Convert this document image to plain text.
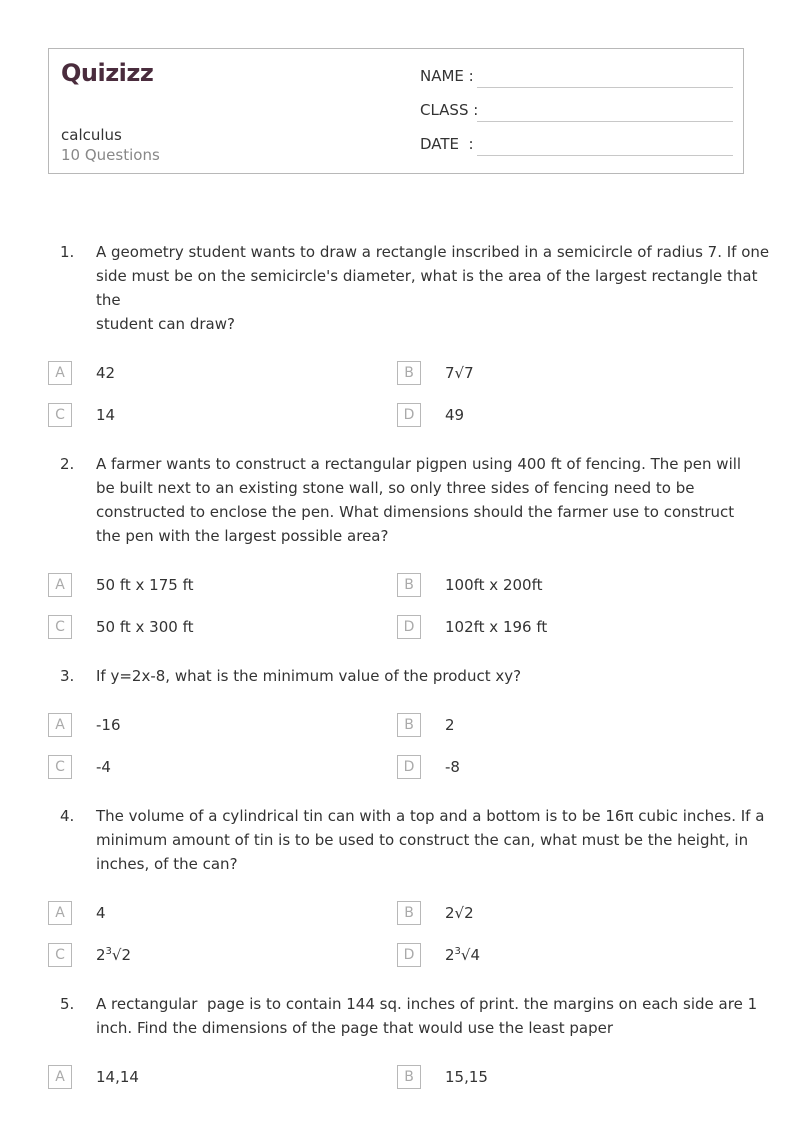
Quizizz
calculus
10 Questions
NAME :
CLASS :
DATE  :
1. A geometry student wants to draw a rectangle inscribed in a semicircle of radius 7. If one
side must be on the semicircle's diameter, what is the area of the largest rectangle that
the
student can draw?
A	42	B	7√7
C	14	D	49
2. A farmer wants to construct a rectangular pigpen using 400 ft of fencing. The pen will
be built next to an existing stone wall, so only three sides of fencing need to be
constructed to enclose the pen. What dimensions should the farmer use to construct
the pen with the largest possible area?
A	50 ft x 175 ft	B	100ft x 200ft
C	50 ft x 300 ft	D	102ft x 196 ft
3. If y=2x-8, what is the minimum value of the product xy?
A	-16	B	2
C	-4	D	-8
4. The volume of a cylindrical tin can with a top and a bottom is to be 16π cubic inches. If a
minimum amount of tin is to be used to construct the can, what must be the height, in
inches, of the can?
A	4	B	2√2
C	$2^3√2$	D	$2^3√4$
5. A rectangular  page is to contain 144 sq. inches of print. the margins on each side are 1
inch. Find the dimensions of the page that would use the least paper
A	14,14	B	15,15
